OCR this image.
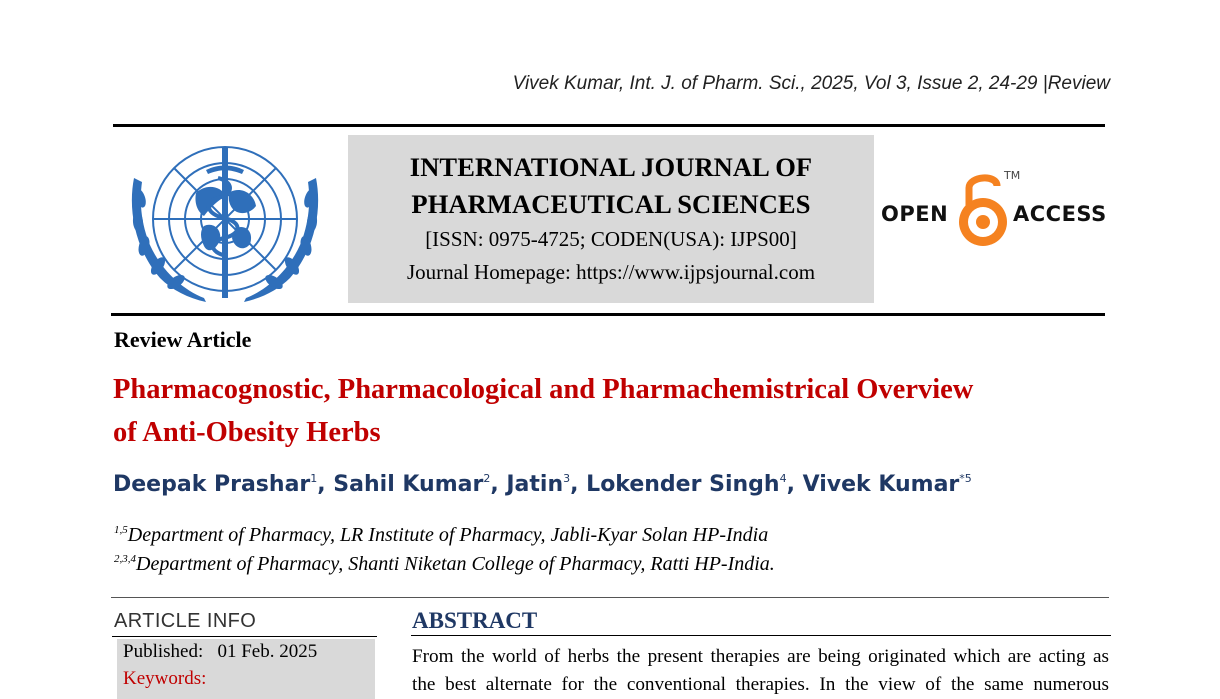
Vivek Kumar, Int. J. of Pharm. Sci., 2025, Vol 3, Issue 2, 24-29 |Review
INTERNATIONAL JOURNAL OF
PHARMACEUTICAL SCIENCES
[ISSN: 0975-4725; CODEN(USA): IJPS00]
Journal Homepage: https://www.ijpsjournal.com
OPEN
TM
ACCESS
Review Article
Pharmacognostic, Pharmacological and Pharmachemistrical Overview
of Anti-Obesity Herbs
Deepak Prashar$^1$, Sahil Kumar$^2$, Jatin$^3$, Lokender Singh$^4$, Vivek Kumar$^{*5}$
$^{1,5}$Department of Pharmacy, LR Institute of Pharmacy, Jabli-Kyar Solan HP-India
$^{2,3,4}$Department of Pharmacy, Shanti Niketan College of Pharmacy, Ratti HP-India.
ARTICLE INFO
Published: 01 Feb. 2025
Keywords:
ABSTRACT
From the world of herbs the present therapies are being originated which are acting as
the best alternate for the conventional therapies. In the view of the same numerous
